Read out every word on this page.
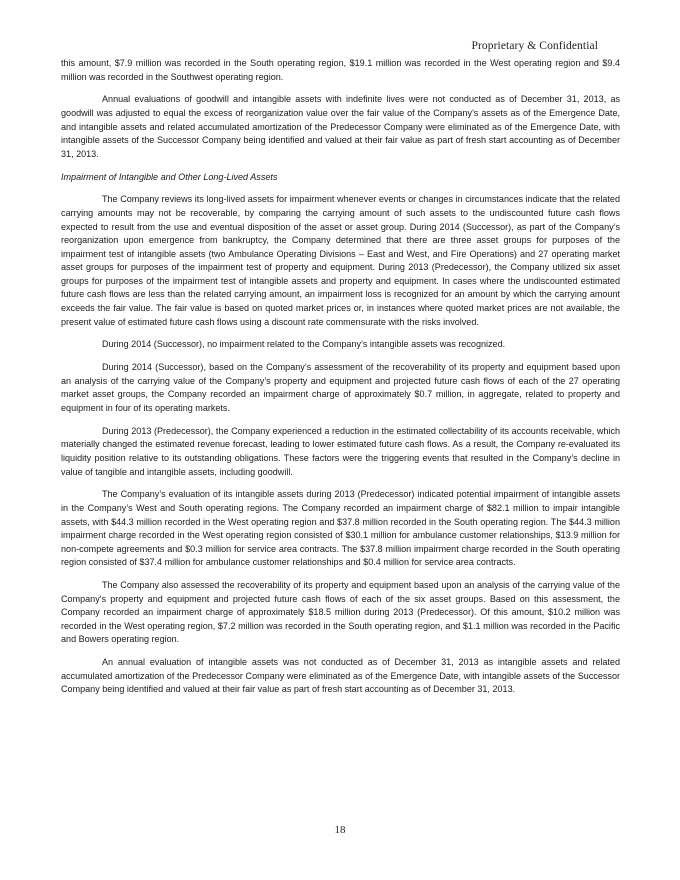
Proprietary & Confidential

this amount, $7.9 million was recorded in the South operating region, $19.1 million was recorded in the West operating region and $9.4 million was recorded in the Southwest operating region.

Annual evaluations of goodwill and intangible assets with indefinite lives were not conducted as of December 31, 2013, as goodwill was adjusted to equal the excess of reorganization value over the fair value of the Company’s assets as of the Emergence Date, and intangible assets and related accumulated amortization of the Predecessor Company were eliminated as of the Emergence Date, with intangible assets of the Successor Company being identified and valued at their fair value as part of fresh start accounting as of December 31, 2013.

Impairment of Intangible and Other Long-Lived Assets

The Company reviews its long-lived assets for impairment whenever events or changes in circumstances indicate that the related carrying amounts may not be recoverable, by comparing the carrying amount of such assets to the undiscounted future cash flows expected to result from the use and eventual disposition of the asset or asset group. During 2014 (Successor), as part of the Company’s reorganization upon emergence from bankruptcy, the Company determined that there are three asset groups for purposes of the impairment test of intangible assets (two Ambulance Operating Divisions – East and West, and Fire Operations) and 27 operating market asset groups for purposes of the impairment test of property and equipment. During 2013 (Predecessor), the Company utilized six asset groups for purposes of the impairment test of intangible assets and property and equipment. In cases where the undiscounted estimated future cash flows are less than the related carrying amount, an impairment loss is recognized for an amount by which the carrying amount exceeds the fair value. The fair value is based on quoted market prices or, in instances where quoted market prices are not available, the present value of estimated future cash flows using a discount rate commensurate with the risks involved.

During 2014 (Successor), no impairment related to the Company’s intangible assets was recognized.

During 2014 (Successor), based on the Company’s assessment of the recoverability of its property and equipment based upon an analysis of the carrying value of the Company’s property and equipment and projected future cash flows of each of the 27 operating market asset groups, the Company recorded an impairment charge of approximately $0.7 million, in aggregate, related to property and equipment in four of its operating markets.

During 2013 (Predecessor), the Company experienced a reduction in the estimated collectability of its accounts receivable, which materially changed the estimated revenue forecast, leading to lower estimated future cash flows. As a result, the Company re-evaluated its liquidity position relative to its outstanding obligations. These factors were the triggering events that resulted in the Company’s decline in value of tangible and intangible assets, including goodwill.

The Company’s evaluation of its intangible assets during 2013 (Predecessor) indicated potential impairment of intangible assets in the Company’s West and South operating regions. The Company recorded an impairment charge of $82.1 million to impair intangible assets, with $44.3 million recorded in the West operating region and $37.8 million recorded in the South operating region. The $44.3 million impairment charge recorded in the West operating region consisted of $30.1 million for ambulance customer relationships, $13.9 million for non-compete agreements and $0.3 million for service area contracts. The $37.8 million impairment charge recorded in the South operating region consisted of $37.4 million for ambulance customer relationships and $0.4 million for service area contracts.

The Company also assessed the recoverability of its property and equipment based upon an analysis of the carrying value of the Company's property and equipment and projected future cash flows of each of the six asset groups. Based on this assessment, the Company recorded an impairment charge of approximately $18.5 million during 2013 (Predecessor). Of this amount, $10.2 million was recorded in the West operating region, $7.2 million was recorded in the South operating region, and $1.1 million was recorded in the Pacific and Bowers operating region.

An annual evaluation of intangible assets was not conducted as of December 31, 2013 as intangible assets and related accumulated amortization of the Predecessor Company were eliminated as of the Emergence Date, with intangible assets of the Successor Company being identified and valued at their fair value as part of fresh start accounting as of December 31, 2013.

18
